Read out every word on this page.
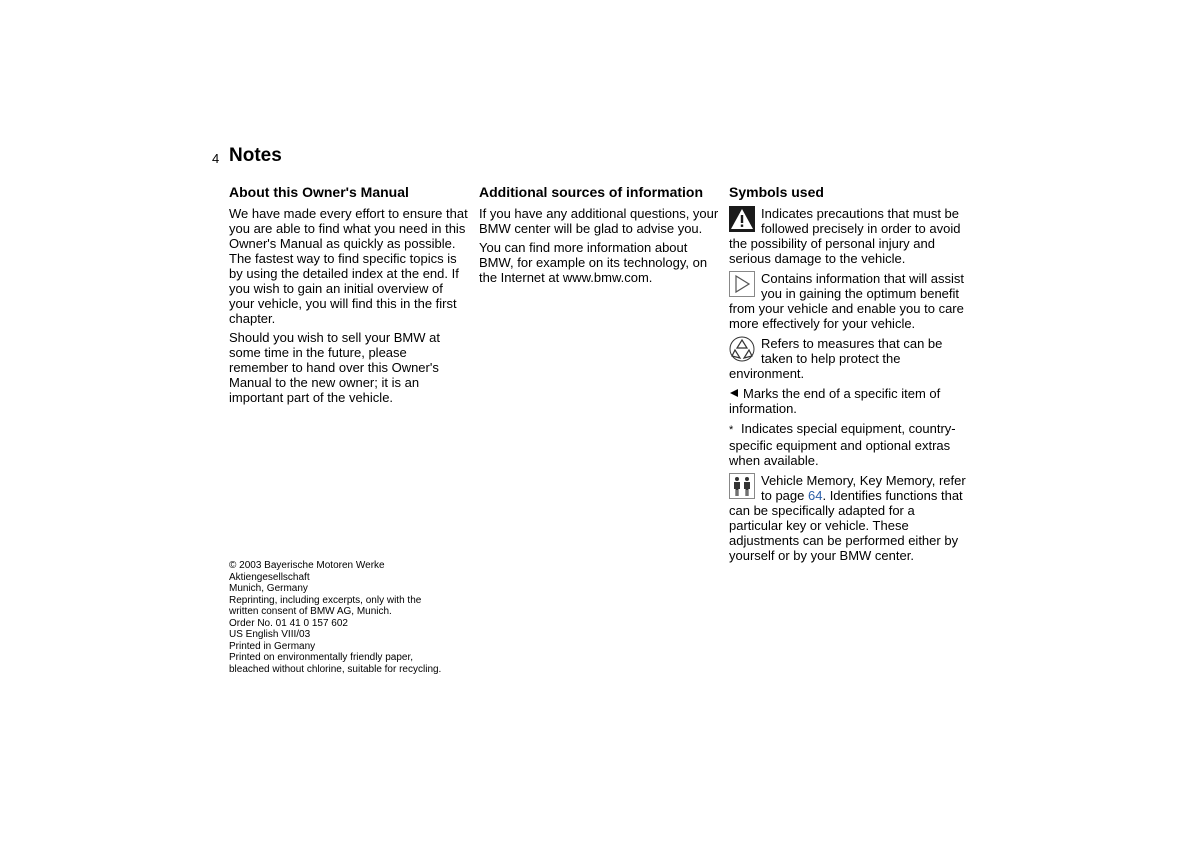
4 Notes
About this Owner's Manual

We have made every effort to ensure that you are able to find what you need in this Owner's Manual as quickly as possible. The fastest way to find specific topics is by using the detailed index at the end. If you wish to gain an initial overview of your vehicle, you will find this in the first chapter.

Should you wish to sell your BMW at some time in the future, please remember to hand over this Owner's Manual to the new owner; it is an important part of the vehicle.

Additional sources of information

If you have any additional questions, your BMW center will be glad to advise you.

You can find more information about BMW, for example on its technology, on the Internet at www.bmw.com.

Symbols used
Indicates precautions that must be followed precisely in order to avoid the possibility of personal injury and serious damage to the vehicle.
Contains information that will assist you in gaining the optimum benefit from your vehicle and enable you to care more effectively for your vehicle.
Refers to measures that can be taken to help protect the environment.
Marks the end of a specific item of information.
* Indicates special equipment, country-specific equipment and optional extras when available.
Vehicle Memory, Key Memory, refer to page 64. Identifies functions that can be specifically adapted for a particular key or vehicle. These adjustments can be performed either by yourself or by your BMW center.
© 2003 Bayerische Motoren Werke
Aktiengesellschaft
Munich, Germany
Reprinting, including excerpts, only with the
written consent of BMW AG, Munich.
Order No. 01 41 0 157 602
US English VIII/03
Printed in Germany
Printed on environmentally friendly paper,
bleached without chlorine, suitable for recycling.
